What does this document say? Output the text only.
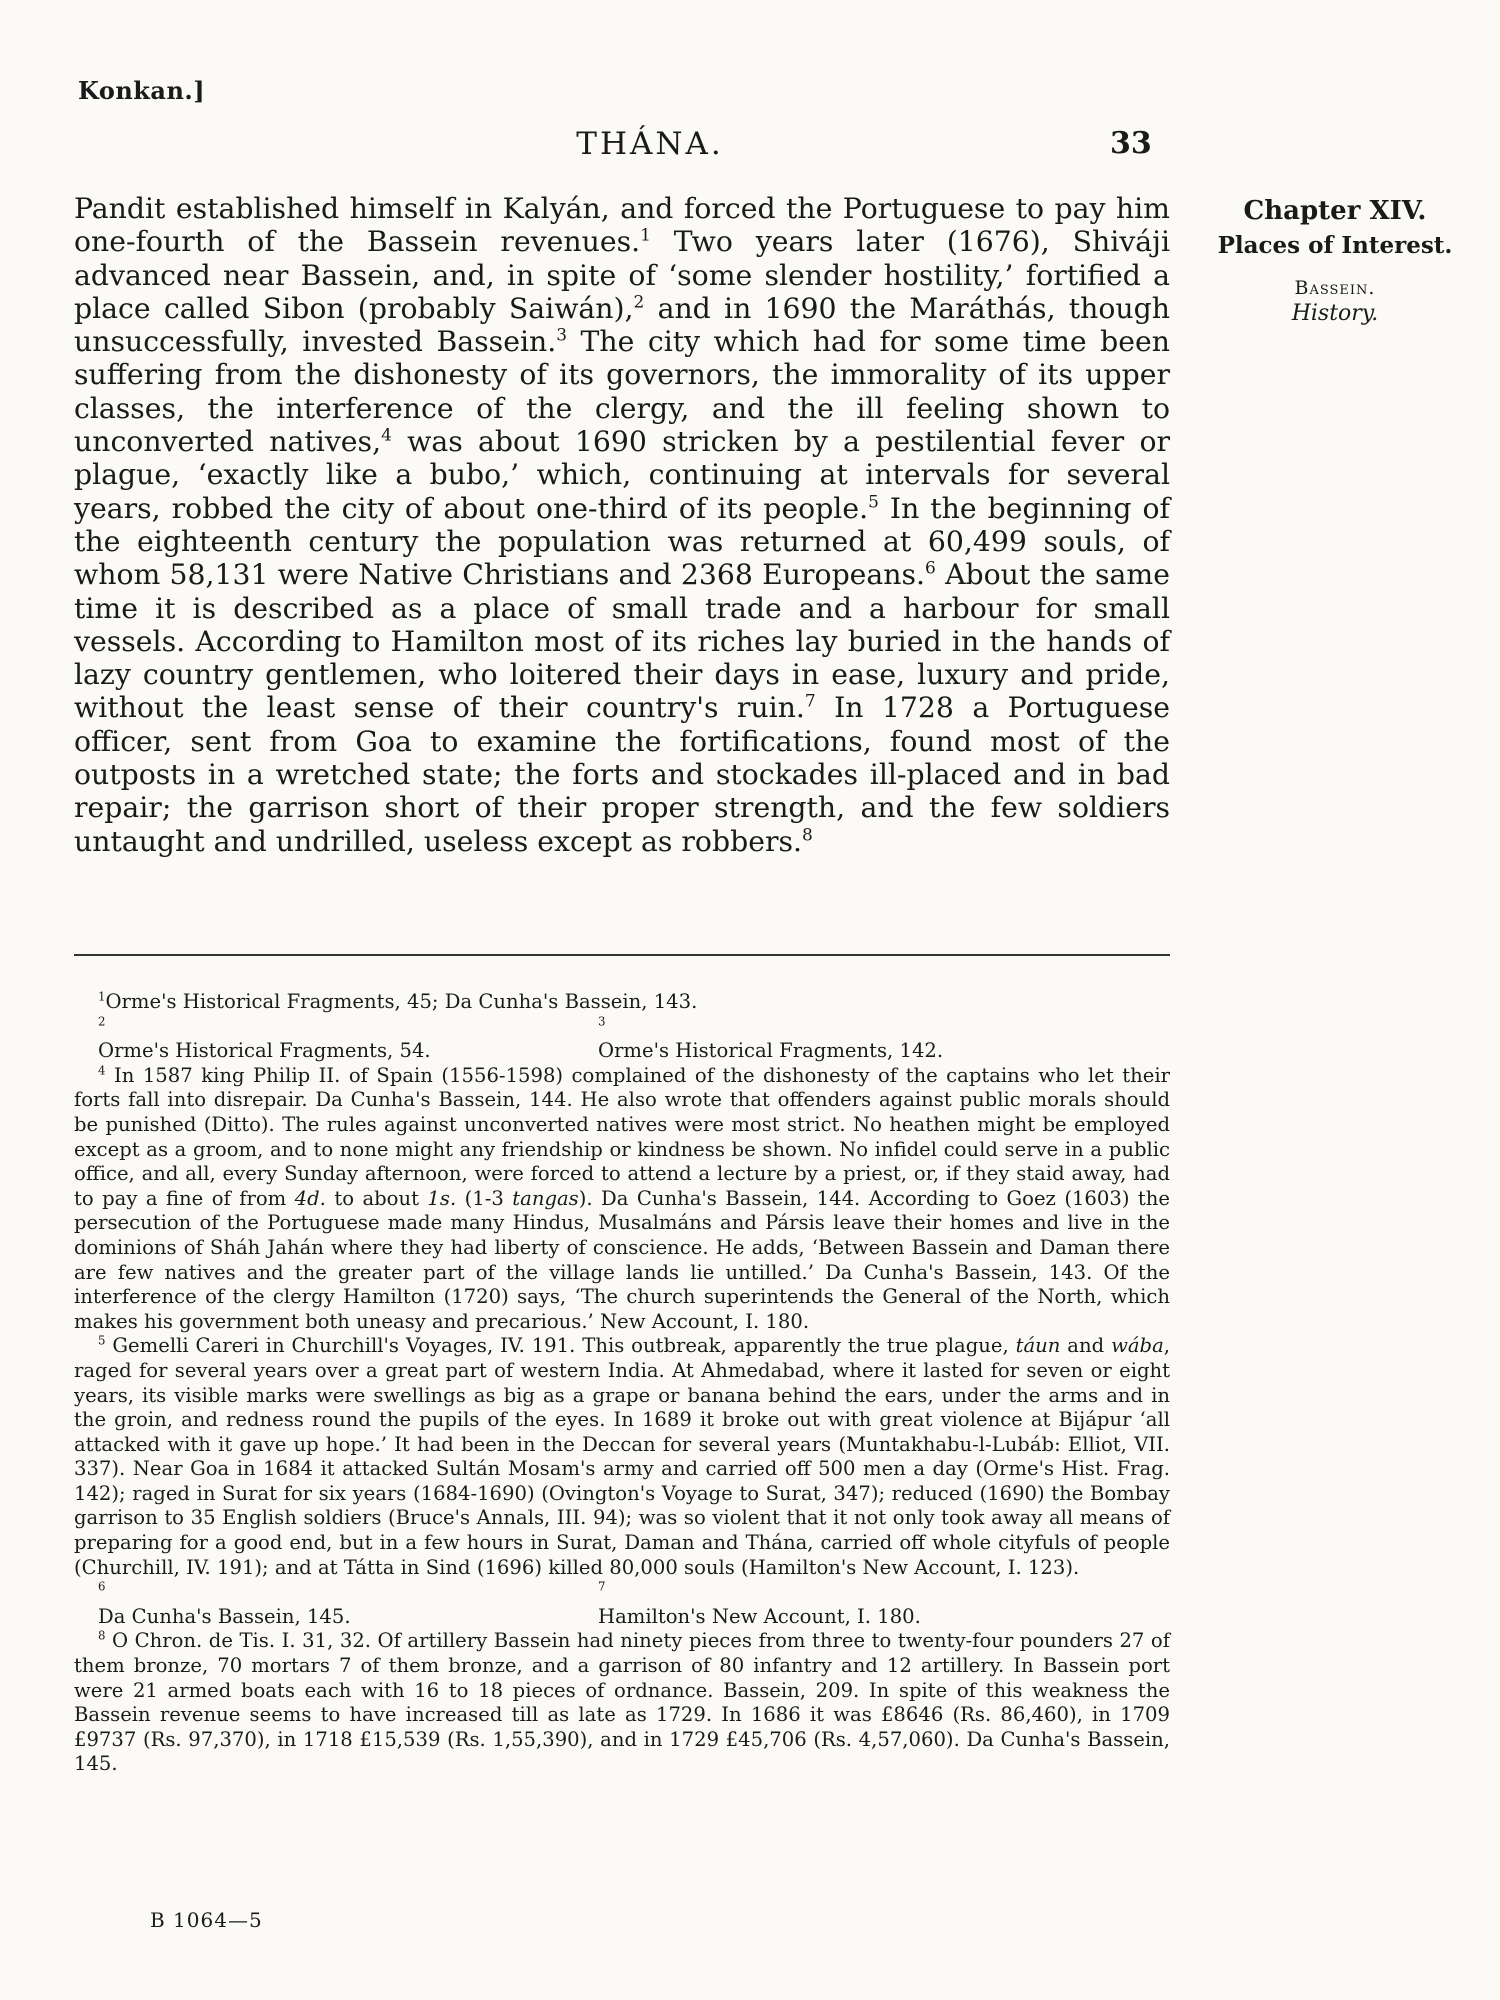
Konkan.]
THÁNA.	33
Chapter XIV.
Places of Interest.
Bassein.
History.

Pandit established himself in Kalyán, and forced the Portuguese to pay him one-fourth of the Bassein revenues.$^1$ Two years later (1676), Shiváji advanced near Bassein, and, in spite of ‘some slender hostility,’ fortified a place called Sibon (probably Saiwán),$^2$ and in 1690 the Maráthás, though unsuccessfully, invested Bassein.$^3$ The city which had for some time been suffering from the dishonesty of its governors, the immorality of its upper classes, the interference of the clergy, and the ill feeling shown to unconverted natives,$^4$ was about 1690 stricken by a pestilential fever or plague, ‘exactly like a bubo,’ which, continuing at intervals for several years, robbed the city of about one-third of its people.$^5$ In the beginning of the eighteenth century the population was returned at 60,499 souls, of whom 58,131 were Native Christians and 2368 Europeans.$^6$ About the same time it is described as a place of small trade and a harbour for small vessels. According to Hamilton most of its riches lay buried in the hands of lazy country gentlemen, who loitered their days in ease, luxury and pride, without the least sense of their country's ruin.$^7$ In 1728 a Portuguese officer, sent from Goa to examine the fortifications, found most of the outposts in a wretched state; the forts and stockades ill-placed and in bad repair; the garrison short of their proper strength, and the few soldiers untaught and undrilled, useless except as robbers.$^8$

$^1$Orme's Historical Fragments, 45; Da Cunha's Bassein, 143.

$^2$
Orme's Historical Fragments, 54.
$^3$
Orme's Historical Fragments, 142.

$^4$ In 1587 king Philip II. of Spain (1556-1598) complained of the dishonesty of the captains who let their forts fall into disrepair. Da Cunha's Bassein, 144. He also wrote that offenders against public morals should be punished (Ditto). The rules against unconverted natives were most strict. No heathen might be employed except as a groom, and to none might any friendship or kindness be shown. No infidel could serve in a public office, and all, every Sunday afternoon, were forced to attend a lecture by a priest, or, if they staid away, had to pay a fine of from 4d. to about 1s. (1-3 tangas). Da Cunha's Bassein, 144. According to Goez (1603) the persecution of the Portuguese made many Hindus, Musalmáns and Pársis leave their homes and live in the dominions of Sháh Jahán where they had liberty of conscience. He adds, ‘Between Bassein and Daman there are few natives and the greater part of the village lands lie untilled.’ Da Cunha's Bassein, 143. Of the interference of the clergy Hamilton (1720) says, ‘The church superintends the General of the North, which makes his government both uneasy and precarious.’ New Account, I. 180.

$^5$ Gemelli Careri in Churchill's Voyages, IV. 191. This outbreak, apparently the true plague, táun and wába, raged for several years over a great part of western India. At Ahmedabad, where it lasted for seven or eight years, its visible marks were swellings as big as a grape or banana behind the ears, under the arms and in the groin, and redness round the pupils of the eyes. In 1689 it broke out with great violence at Bijápur ‘all attacked with it gave up hope.’ It had been in the Deccan for several years (Muntakhabu-l-Lubáb: Elliot, VII. 337). Near Goa in 1684 it attacked Sultán Mosam's army and carried off 500 men a day (Orme's Hist. Frag. 142); raged in Surat for six years (1684-1690) (Ovington's Voyage to Surat, 347); reduced (1690) the Bombay garrison to 35 English soldiers (Bruce's Annals, III. 94); was so violent that it not only took away all means of preparing for a good end, but in a few hours in Surat, Daman and Thána, carried off whole cityfuls of people (Churchill, IV. 191); and at Tátta in Sind (1696) killed 80,000 souls (Hamilton's New Account, I. 123).

$^6$
Da Cunha's Bassein, 145.
$^7$
Hamilton's New Account, I. 180.

$^8$ O Chron. de Tis. I. 31, 32. Of artillery Bassein had ninety pieces from three to twenty-four pounders 27 of them bronze, 70 mortars 7 of them bronze, and a garrison of 80 infantry and 12 artillery. In Bassein port were 21 armed boats each with 16 to 18 pieces of ordnance. Bassein, 209. In spite of this weakness the Bassein revenue seems to have increased till as late as 1729. In 1686 it was £8646 (Rs. 86,460), in 1709 £9737 (Rs. 97,370), in 1718 £15,539 (Rs. 1,55,390), and in 1729 £45,706 (Rs. 4,57,060). Da Cunha's Bassein, 145.

B 1064—5
